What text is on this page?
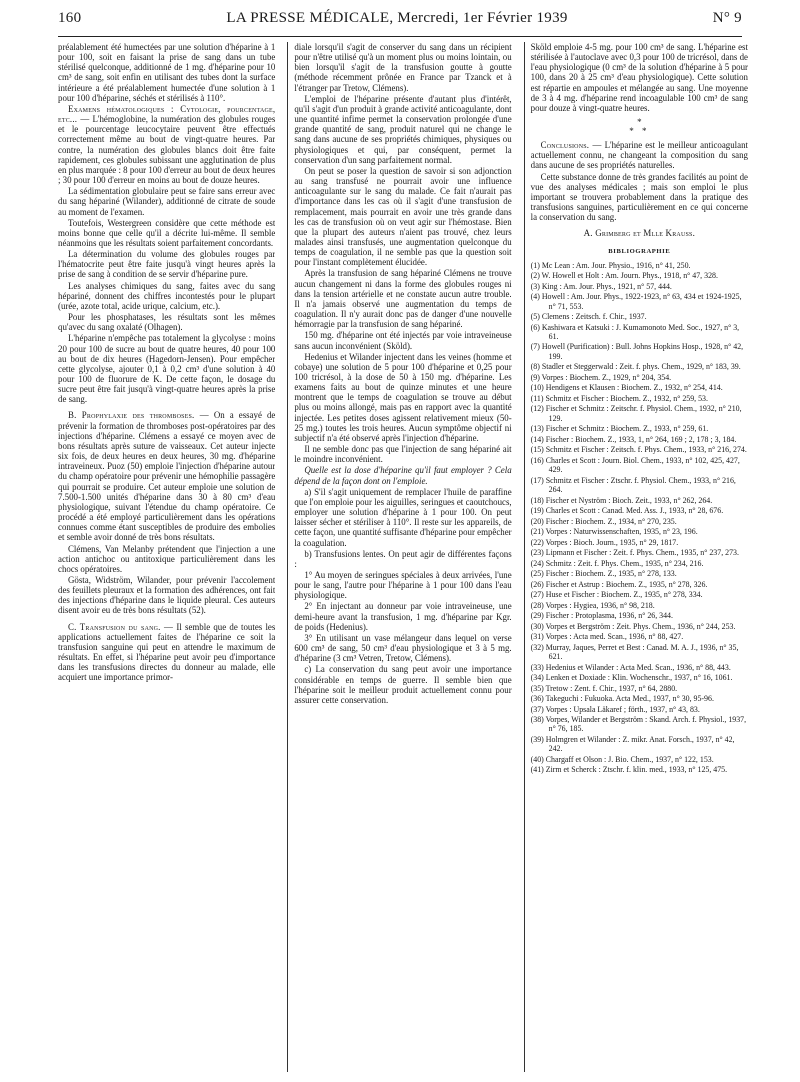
160	LA PRESSE MÉDICALE, Mercredi, 1er Février 1939	N° 9

préalablement été humectées par une solution d'héparine à 1 pour 100, soit en faisant la prise de sang dans un tube stérilisé quelconque, additionné de 1 mg. d'héparine pour 10 cm³ de sang, soit enfin en utilisant des tubes dont la surface intérieure a été préalablement humectée d'une solution à 1 pour 100 d'héparine, séchés et stérilisés à 110°.

Examens hématologiques : Cytologie, pourcentage, etc... — L'hémoglobine, la numération des globules rouges et le pourcentage leucocytaire peuvent être effectués correctement même au bout de vingt-quatre heures. Par contre, la numération des globules blancs doit être faite rapidement, ces globules subissant une agglutination de plus en plus marquée : 8 pour 100 d'erreur au bout de deux heures ; 30 pour 100 d'erreur en moins au bout de douze heures.

La sédimentation globulaire peut se faire sans erreur avec du sang hépariné (Wilander), additionné de citrate de soude au moment de l'examen.

Toutefois, Westergreen considère que cette méthode est moins bonne que celle qu'il a décrite lui-même. Il semble néanmoins que les résultats soient parfaitement concordants.

La détermination du volume des globules rouges par l'hématocrite peut être faite jusqu'à vingt heures après la prise de sang à condition de se servir d'héparine pure.

Les analyses chimiques du sang, faites avec du sang hépariné, donnent des chiffres incontestés pour le plupart (urée, azote total, acide urique, calcium, etc.).

Pour les phosphatases, les résultats sont les mêmes qu'avec du sang oxalaté (Olhagen).

L'héparine n'empêche pas totalement la glycolyse : moins 20 pour 100 de sucre au bout de quatre heures, 40 pour 100 au bout de dix heures (Hagedorn-Jensen). Pour empêcher cette glycolyse, ajouter 0,1 à 0,2 cm³ d'une solution à 40 pour 100 de fluorure de K. De cette façon, le dosage du sucre peut être fait jusqu'à vingt-quatre heures après la prise de sang.

B. Prophylaxie des thromboses. — On a essayé de prévenir la formation de thromboses post-opératoires par des injections d'héparine. Clémens a essayé ce moyen avec de bons résultats après suture de vaisseaux. Cet auteur injecte six fois, de deux heures en deux heures, 30 mg. d'héparine intraveineux. Puoz (50) emploie l'injection d'héparine autour du champ opératoire pour prévenir une hémophilie passagère qui pourrait se produire. Cet auteur emploie une solution de 7.500-1.500 unités d'héparine dans 30 à 80 cm³ d'eau physiologique, suivant l'étendue du champ opératoire. Ce procédé a été employé particulièrement dans les opérations connues comme étant susceptibles de produire des embolies et semble avoir donné de très bons résultats.

Clémens, Van Melanby prétendent que l'injection a une action antichoc ou antitoxique particulièrement dans les chocs opératoires.

Gösta, Widström, Wilander, pour prévenir l'accolement des feuillets pleuraux et la formation des adhérences, ont fait des injections d'héparine dans le liquide pleural. Ces auteurs disent avoir eu de très bons résultats (52).

C. Transfusion du sang. — Il semble que de toutes les applications actuellement faites de l'héparine ce soit la transfusion sanguine qui peut en attendre le maximum de résultats. En effet, si l'héparine peut avoir peu d'importance dans les transfusions directes du donneur au malade, elle acquiert une importance primor-

diale lorsqu'il s'agit de conserver du sang dans un récipient pour n'être utilisé qu'à un moment plus ou moins lointain, ou bien lorsqu'il s'agit de la transfusion goutte à goutte (méthode récemment prônée en France par Tzanck et à l'étranger par Tretow, Clémens).

L'emploi de l'héparine présente d'autant plus d'intérêt, qu'il s'agit d'un produit à grande activité anticoagulante, dont une quantité infime permet la conservation prolongée d'une grande quantité de sang, produit naturel qui ne change le sang dans aucune de ses propriétés chimiques, physiques ou physiologiques et qui, par conséquent, permet la conservation d'un sang parfaitement normal.

On peut se poser la question de savoir si son adjonction au sang transfusé ne pourrait avoir une influence anticoagulante sur le sang du malade. Ce fait n'aurait pas d'importance dans les cas où il s'agit d'une transfusion de remplacement, mais pourrait en avoir une très grande dans les cas de transfusion où on veut agir sur l'hémostase. Bien que la plupart des auteurs n'aient pas trouvé, chez leurs malades ainsi transfusés, une augmentation quelconque du temps de coagulation, il ne semble pas que la question soit pour l'instant complètement élucidée.

Après la transfusion de sang hépariné Clémens ne trouve aucun changement ni dans la forme des globules rouges ni dans la tension artérielle et ne constate aucun autre trouble. Il n'a jamais observé une augmentation du temps de coagulation. Il n'y aurait donc pas de danger d'une nouvelle hémorragie par la transfusion de sang hépariné.

150 mg. d'héparine ont été injectés par voie intraveineuse sans aucun inconvénient (Sköld).

Hedenius et Wilander injectent dans les veines (homme et cobaye) une solution de 5 pour 100 d'héparine et 0,25 pour 100 tricrésol, à la dose de 50 à 150 mg. d'héparine. Les examens faits au bout de quinze minutes et une heure montrent que le temps de coagulation se trouve au début plus ou moins allongé, mais pas en rapport avec la quantité injectée. Les petites doses agissent relativement mieux (50-25 mg.) toutes les trois heures. Aucun symptôme objectif ni subjectif n'a été observé après l'injection d'héparine.

Il ne semble donc pas que l'injection de sang hépariné ait le moindre inconvénient.

Quelle est la dose d'héparine qu'il faut employer ? Cela dépend de la façon dont on l'emploie.

a) S'il s'agit uniquement de remplacer l'huile de paraffine que l'on emploie pour les aiguilles, seringues et caoutchoucs, employer une solution d'héparine à 1 pour 100. On peut laisser sécher et stériliser à 110°. Il reste sur les appareils, de cette façon, une quantité suffisante d'héparine pour empêcher la coagulation.

b) Transfusions lentes. On peut agir de différentes façons :

1° Au moyen de seringues spéciales à deux arrivées, l'une pour le sang, l'autre pour l'héparine à 1 pour 100 dans l'eau physiologique.

2° En injectant au donneur par voie intraveineuse, une demi-heure avant la transfusion, 1 mg. d'héparine par Kgr. de poids (Hedenius).

3° En utilisant un vase mélangeur dans lequel on verse 600 cm³ de sang, 50 cm³ d'eau physiologique et 3 à 5 mg. d'héparine (3 cm³ Vetren, Tretow, Clémens).

c) La conservation du sang peut avoir une importance considérable en temps de guerre. Il semble bien que l'héparine soit le meilleur produit actuellement connu pour assurer cette conservation.

Sköld emploie 4-5 mg. pour 100 cm³ de sang. L'héparine est stérilisée à l'autoclave avec 0,3 pour 100 de tricrésol, dans de l'eau physiologique (0 cm³ de la solution d'héparine à 5 pour 100, dans 20 à 25 cm³ d'eau physiologique). Cette solution est répartie en ampoules et mélangée au sang. Une moyenne de 3 à 4 mg. d'héparine rend incoagulable 100 cm³ de sang pour douze à vingt-quatre heures.

*
* *

Conclusions. — L'héparine est le meilleur anticoagulant actuellement connu, ne changeant la composition du sang dans aucune de ses propriétés naturelles.

Cette substance donne de très grandes facilités au point de vue des analyses médicales ; mais son emploi le plus important se trouvera probablement dans la pratique des transfusions sanguines, particulièrement en ce qui concerne la conservation du sang.

A. Grimberg et Mlle Krauss.
BIBLIOGRAPHIE
(1) Mc Lean : Am. Jour. Physio., 1916, n° 41, 250.
(2) W. Howell et Holt : Am. Journ. Phys., 1918, n° 47, 328.
(3) King : Am. Jour. Phys., 1921, n° 57, 444.
(4) Howell : Am. Jour. Phys., 1922-1923, n° 63, 434 et 1924-1925, n° 71, 553.
(5) Clemens : Zeitsch. f. Chir., 1937.
(6) Kashiwara et Katsuki : J. Kumamonoto Med. Soc., 1927, n° 3, 61.
(7) Howell (Purification) : Bull. Johns Hopkins Hosp., 1928, n° 42, 199.
(8) Stadler et Steggerwald : Zeit. f. phys. Chem., 1929, n° 183, 39.
(9) Vorpes : Biochem. Z., 1929, n° 204, 354.
(10) Hendigens et Klausen : Biochem. Z., 1932, n° 254, 414.
(11) Schmitz et Fischer : Biochem. Z., 1932, n° 259, 53.
(12) Fischer et Schmitz : Zeitschr. f. Physiol. Chem., 1932, n° 210, 129.
(13) Fischer et Schmitz : Biochem. Z., 1933, n° 259, 61.
(14) Fischer : Biochem. Z., 1933, 1, n° 264, 169 ; 2, 178 ; 3, 184.
(15) Schmitz et Fischer : Zeitsch. f. Phys. Chem., 1933, n° 216, 274.
(16) Charles et Scott : Journ. Biol. Chem., 1933, n° 102, 425, 427, 429.
(17) Schmitz et Fischer : Ztschr. f. Physiol. Chem., 1933, n° 216, 264.
(18) Fischer et Nyström : Bioch. Zeit., 1933, n° 262, 264.
(19) Charles et Scott : Canad. Med. Ass. J., 1933, n° 28, 676.
(20) Fischer : Biochem. Z., 1934, n° 270, 235.
(21) Vorpes : Naturwissenschaften, 1935, n° 23, 196.
(22) Vorpes : Bioch. Journ., 1935, n° 29, 1817.
(23) Lipmann et Fischer : Zeit. f. Phys. Chem., 1935, n° 237, 273.
(24) Schmitz : Zeit. f. Phys. Chem., 1935, n° 234, 216.
(25) Fischer : Biochem. Z., 1935, n° 278, 133.
(26) Fischer et Astrup : Biochem. Z., 1935, n° 278, 326.
(27) Huse et Fischer : Biochem. Z., 1935, n° 278, 334.
(28) Vorpes : Hygiea, 1936, n° 98, 218.
(29) Fischer : Protoplasma, 1936, n° 26, 344.
(30) Vorpes et Bergström : Zeit. Phys. Chem., 1936, n° 244, 253.
(31) Vorpes : Acta med. Scan., 1936, n° 88, 427.
(32) Murray, Jaques, Perret et Best : Canad. M. A. J., 1936, n° 35, 621.
(33) Hedenius et Wilander : Acta Med. Scan., 1936, n° 88, 443.
(34) Lenken et Doxiade : Klin. Wochenschr., 1937, n° 16, 1061.
(35) Tretow : Zent. f. Chir., 1937, n° 64, 2880.
(36) Takeguchi : Fukuoka. Acta Med., 1937, n° 30, 95-96.
(37) Vorpes : Upsala Läkaref ; förth., 1937, n° 43, 83.
(38) Vorpes, Wilander et Bergström : Skand. Arch. f. Physiol., 1937, n° 76, 185.
(39) Holmgren et Wilander : Z. mikr. Anat. Forsch., 1937, n° 42, 242.
(40) Chargaff et Olson : J. Bio. Chem., 1937, n° 122, 153.
(41) Zirm et Scherck : Ztschr. f. klin. med., 1933, n° 125, 475.
